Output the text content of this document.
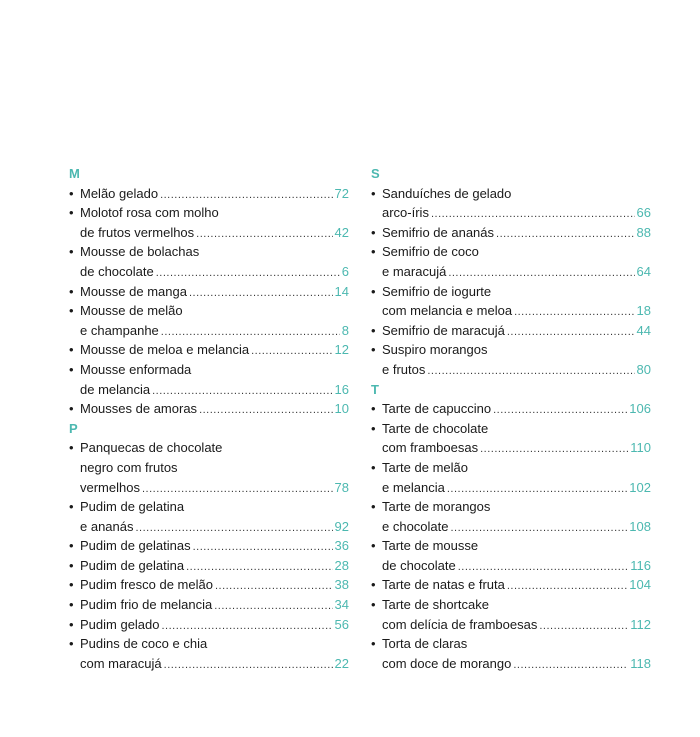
M
• Melão gelado .....	72
• Molotof rosa com molho
de frutos vermelhos .....	42
• Mousse de bolachas
de chocolate .....	6
• Mousse de manga .....	14
• Mousse de melão
e champanhe .....	8
• Mousse de meloa e melancia .....	12
• Mousse enformada
de melancia .....	16
• Mousses de amoras .....	10
P
• Panquecas de chocolate
negro com frutos
vermelhos .....	78
• Pudim de gelatina
e ananás .....	92
• Pudim de gelatinas .....	36
• Pudim de gelatina .....	28
• Pudim fresco de melão .....	38
• Pudim frio de melancia .....	34
• Pudim gelado .....	56
• Pudins de coco e chia
com maracujá .....	22
S
• Sanduíches de gelado
arco-íris .....	66
• Semifrio de ananás .....	88
• Semifrio de coco
e maracujá .....	64
• Semifrio de iogurte
com melancia e meloa .....	18
• Semifrio de maracujá .....	44
• Suspiro morangos
e frutos .....	80
T
• Tarte de capuccino .....	106
• Tarte de chocolate
com framboesas .....	110
• Tarte de melão
e melancia .....	102
• Tarte de morangos
e chocolate .....	108
• Tarte de mousse
de chocolate .....	116
• Tarte de natas e fruta .....	104
• Tarte de shortcake
com delícia de framboesas .....	112
• Torta de claras
com doce de morango .....	118
